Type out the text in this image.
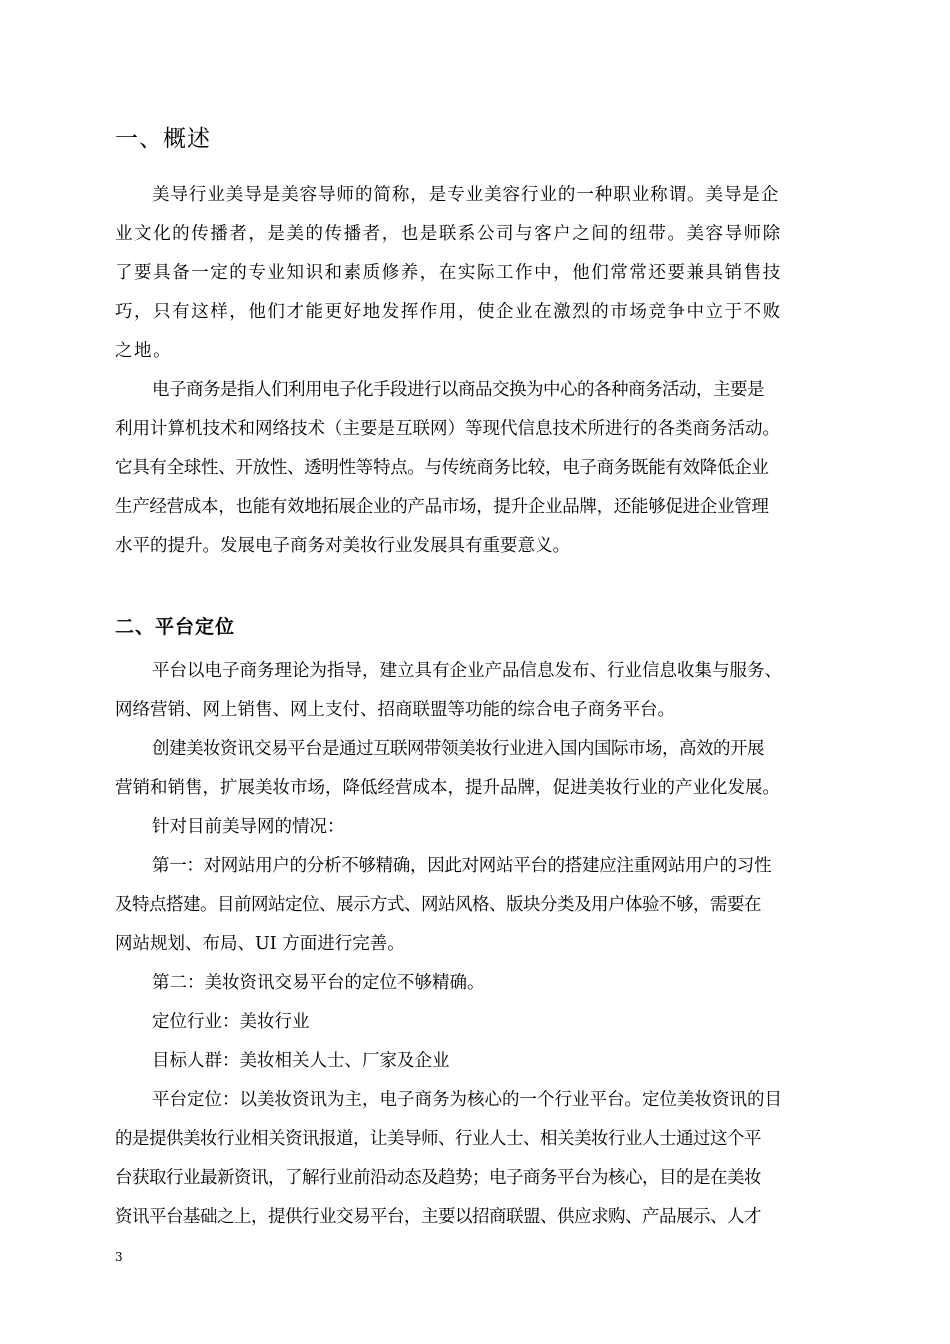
一、概述

美导行业美导是美容导师的简称，是专业美容行业的一种职业称谓。美导是企

业文化的传播者，是美的传播者，也是联系公司与客户之间的纽带。美容导师除

了要具备一定的专业知识和素质修养，在实际工作中，他们常常还要兼具销售技

巧，只有这样，他们才能更好地发挥作用，使企业在激烈的市场竞争中立于不败

之地。

电子商务是指人们利用电子化手段进行以商品交换为中心的各种商务活动，主要是

利用计算机技术和网络技术（主要是互联网）等现代信息技术所进行的各类商务活动。

它具有全球性、开放性、透明性等特点。与传统商务比较，电子商务既能有效降低企业

生产经营成本，也能有效地拓展企业的产品市场，提升企业品牌，还能够促进企业管理

水平的提升。发展电子商务对美妆行业发展具有重要意义。

二、平台定位

平台以电子商务理论为指导，建立具有企业产品信息发布、行业信息收集与服务、

网络营销、网上销售、网上支付、招商联盟等功能的综合电子商务平台。

创建美妆资讯交易平台是通过互联网带领美妆行业进入国内国际市场，高效的开展

营销和销售，扩展美妆市场，降低经营成本，提升品牌，促进美妆行业的产业化发展。

针对目前美导网的情况：

第一：对网站用户的分析不够精确，因此对网站平台的搭建应注重网站用户的习性

及特点搭建。目前网站定位、展示方式、网站风格、版块分类及用户体验不够，需要在

网站规划、布局、UI 方面进行完善。

第二：美妆资讯交易平台的定位不够精确。

定位行业：美妆行业

目标人群：美妆相关人士、厂家及企业

平台定位：以美妆资讯为主，电子商务为核心的一个行业平台。定位美妆资讯的目

的是提供美妆行业相关资讯报道，让美导师、行业人士、相关美妆行业人士通过这个平

台获取行业最新资讯，了解行业前沿动态及趋势；电子商务平台为核心，目的是在美妆

资讯平台基础之上，提供行业交易平台，主要以招商联盟、供应求购、产品展示、人才

3
